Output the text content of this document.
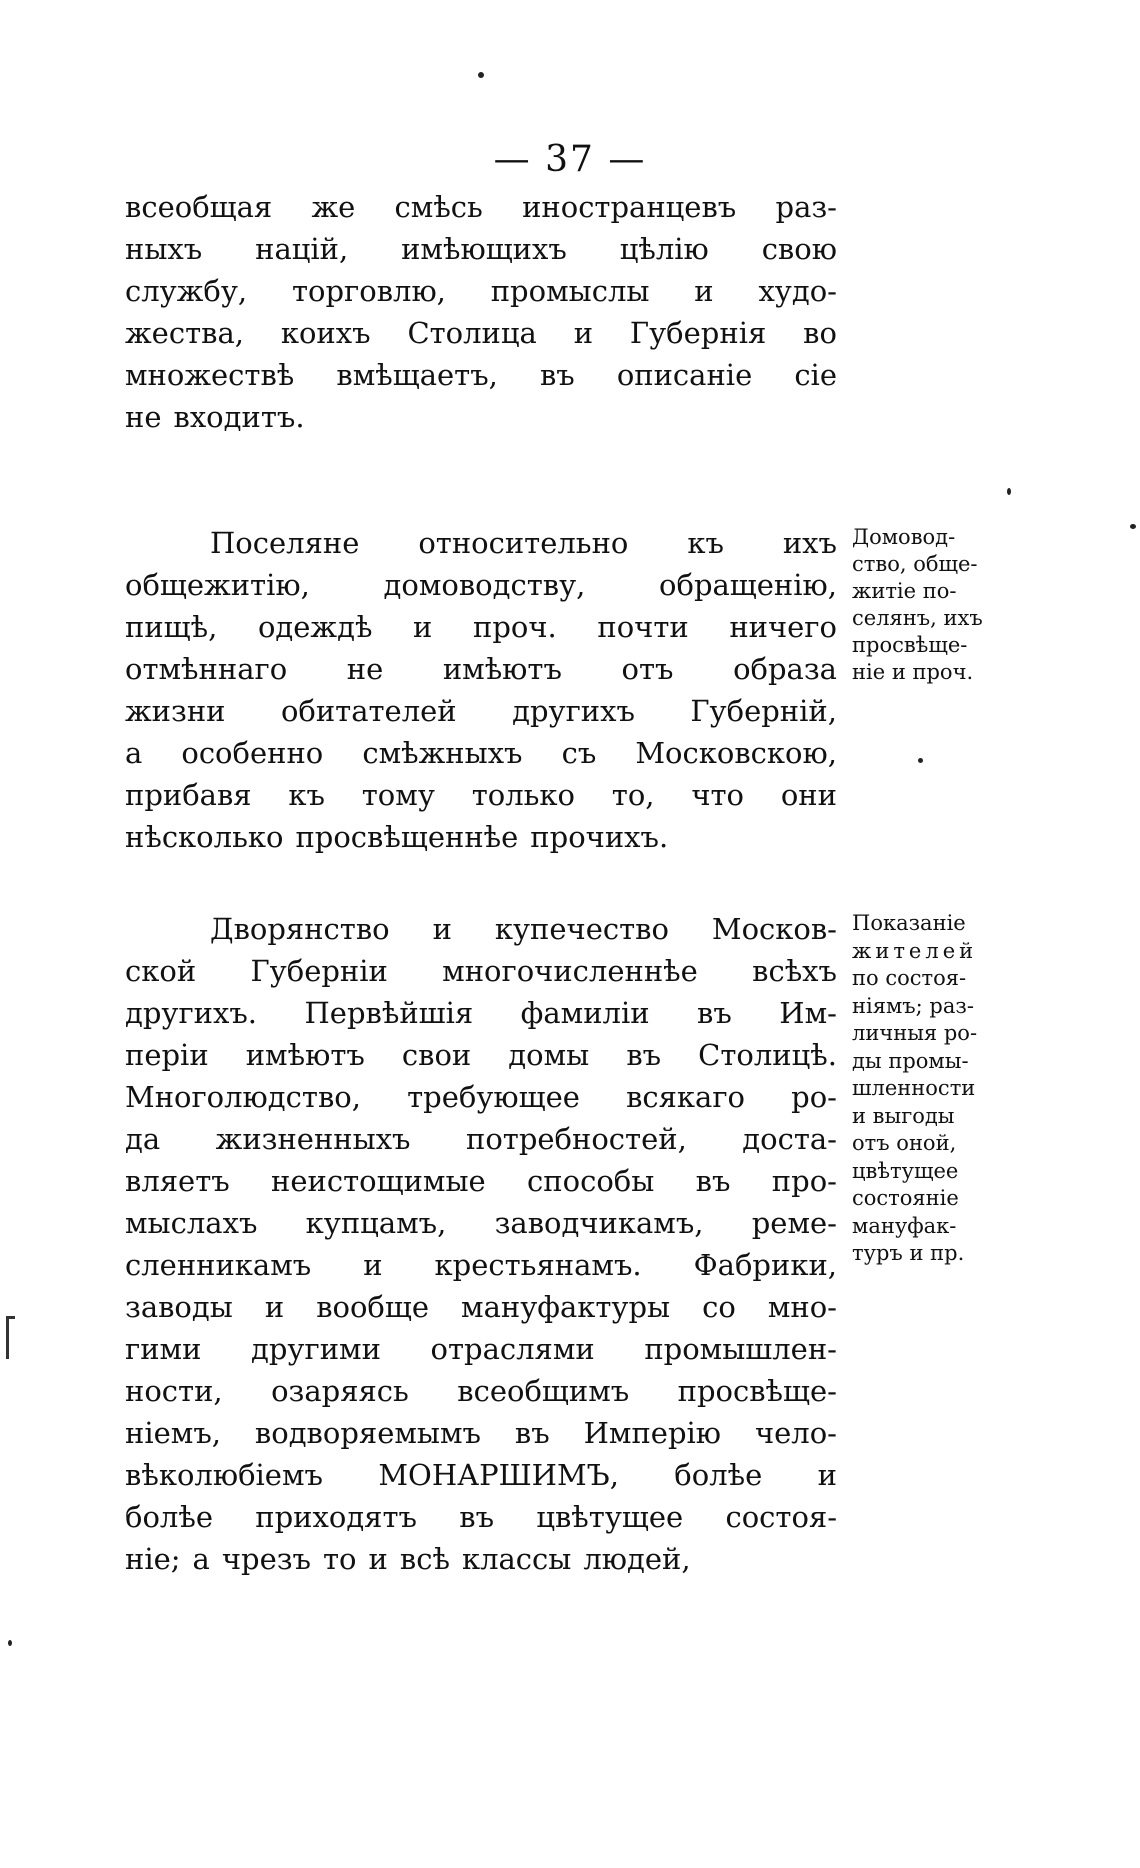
— 37 —
всеобщая же смѣсь иностранцевъ раз-
ныхъ націй, имѣющихъ цѣлію свою
службу, торговлю, промыслы и худо-
жества, коихъ Столица и Губернія во
множествѣ вмѣщаетъ, въ описаніе сіе
не входитъ.
Поселяне относительно къ ихъ
общежитію,	домоводству,	обращенію,
пищѣ, одеждѣ и проч. почти ничего
отмѣннаго не имѣютъ отъ образа
жизни обитателей другихъ Губерній,
а особенно смѣжныхъ съ Московскою,
прибавя къ тому только то, что они
нѣсколько просвѣщеннѣе прочихъ.
Домовод-
ство, обще-
житіе по-
селянъ, ихъ
просвѣще-
ніе и проч.
Дворянство и купечество Москов-
ской Губерніи многочисленнѣе всѣхъ
другихъ. Первѣйшія фамиліи въ Им-
періи имѣютъ свои домы въ Столицѣ.
Многолюдство, требующее всякаго ро-
да жизненныхъ потребностей, доста-
вляетъ неистощимые способы въ про-
мыслахъ купцамъ, заводчикамъ, реме-
сленникамъ и крестьянамъ. Фабрики,
заводы и вообще мануфактуры со мно-
гими другими отраслями промышлен-
ности, озаряясь всеобщимъ просвѣще-
ніемъ, водворяемымъ въ Имперію чело-
вѣколюбіемъ МОНАРШИМЪ, болѣе и
болѣе приходятъ въ цвѣтущее состоя-
ніе; а чрезъ то и всѣ классы людей,
Показаніе
жителей
по состоя-
ніямъ; раз-
личныя ро-
ды промы-
шленности
и выгоды
отъ оной,
цвѣтущее
состояніе
мануфак-
туръ и пр.
